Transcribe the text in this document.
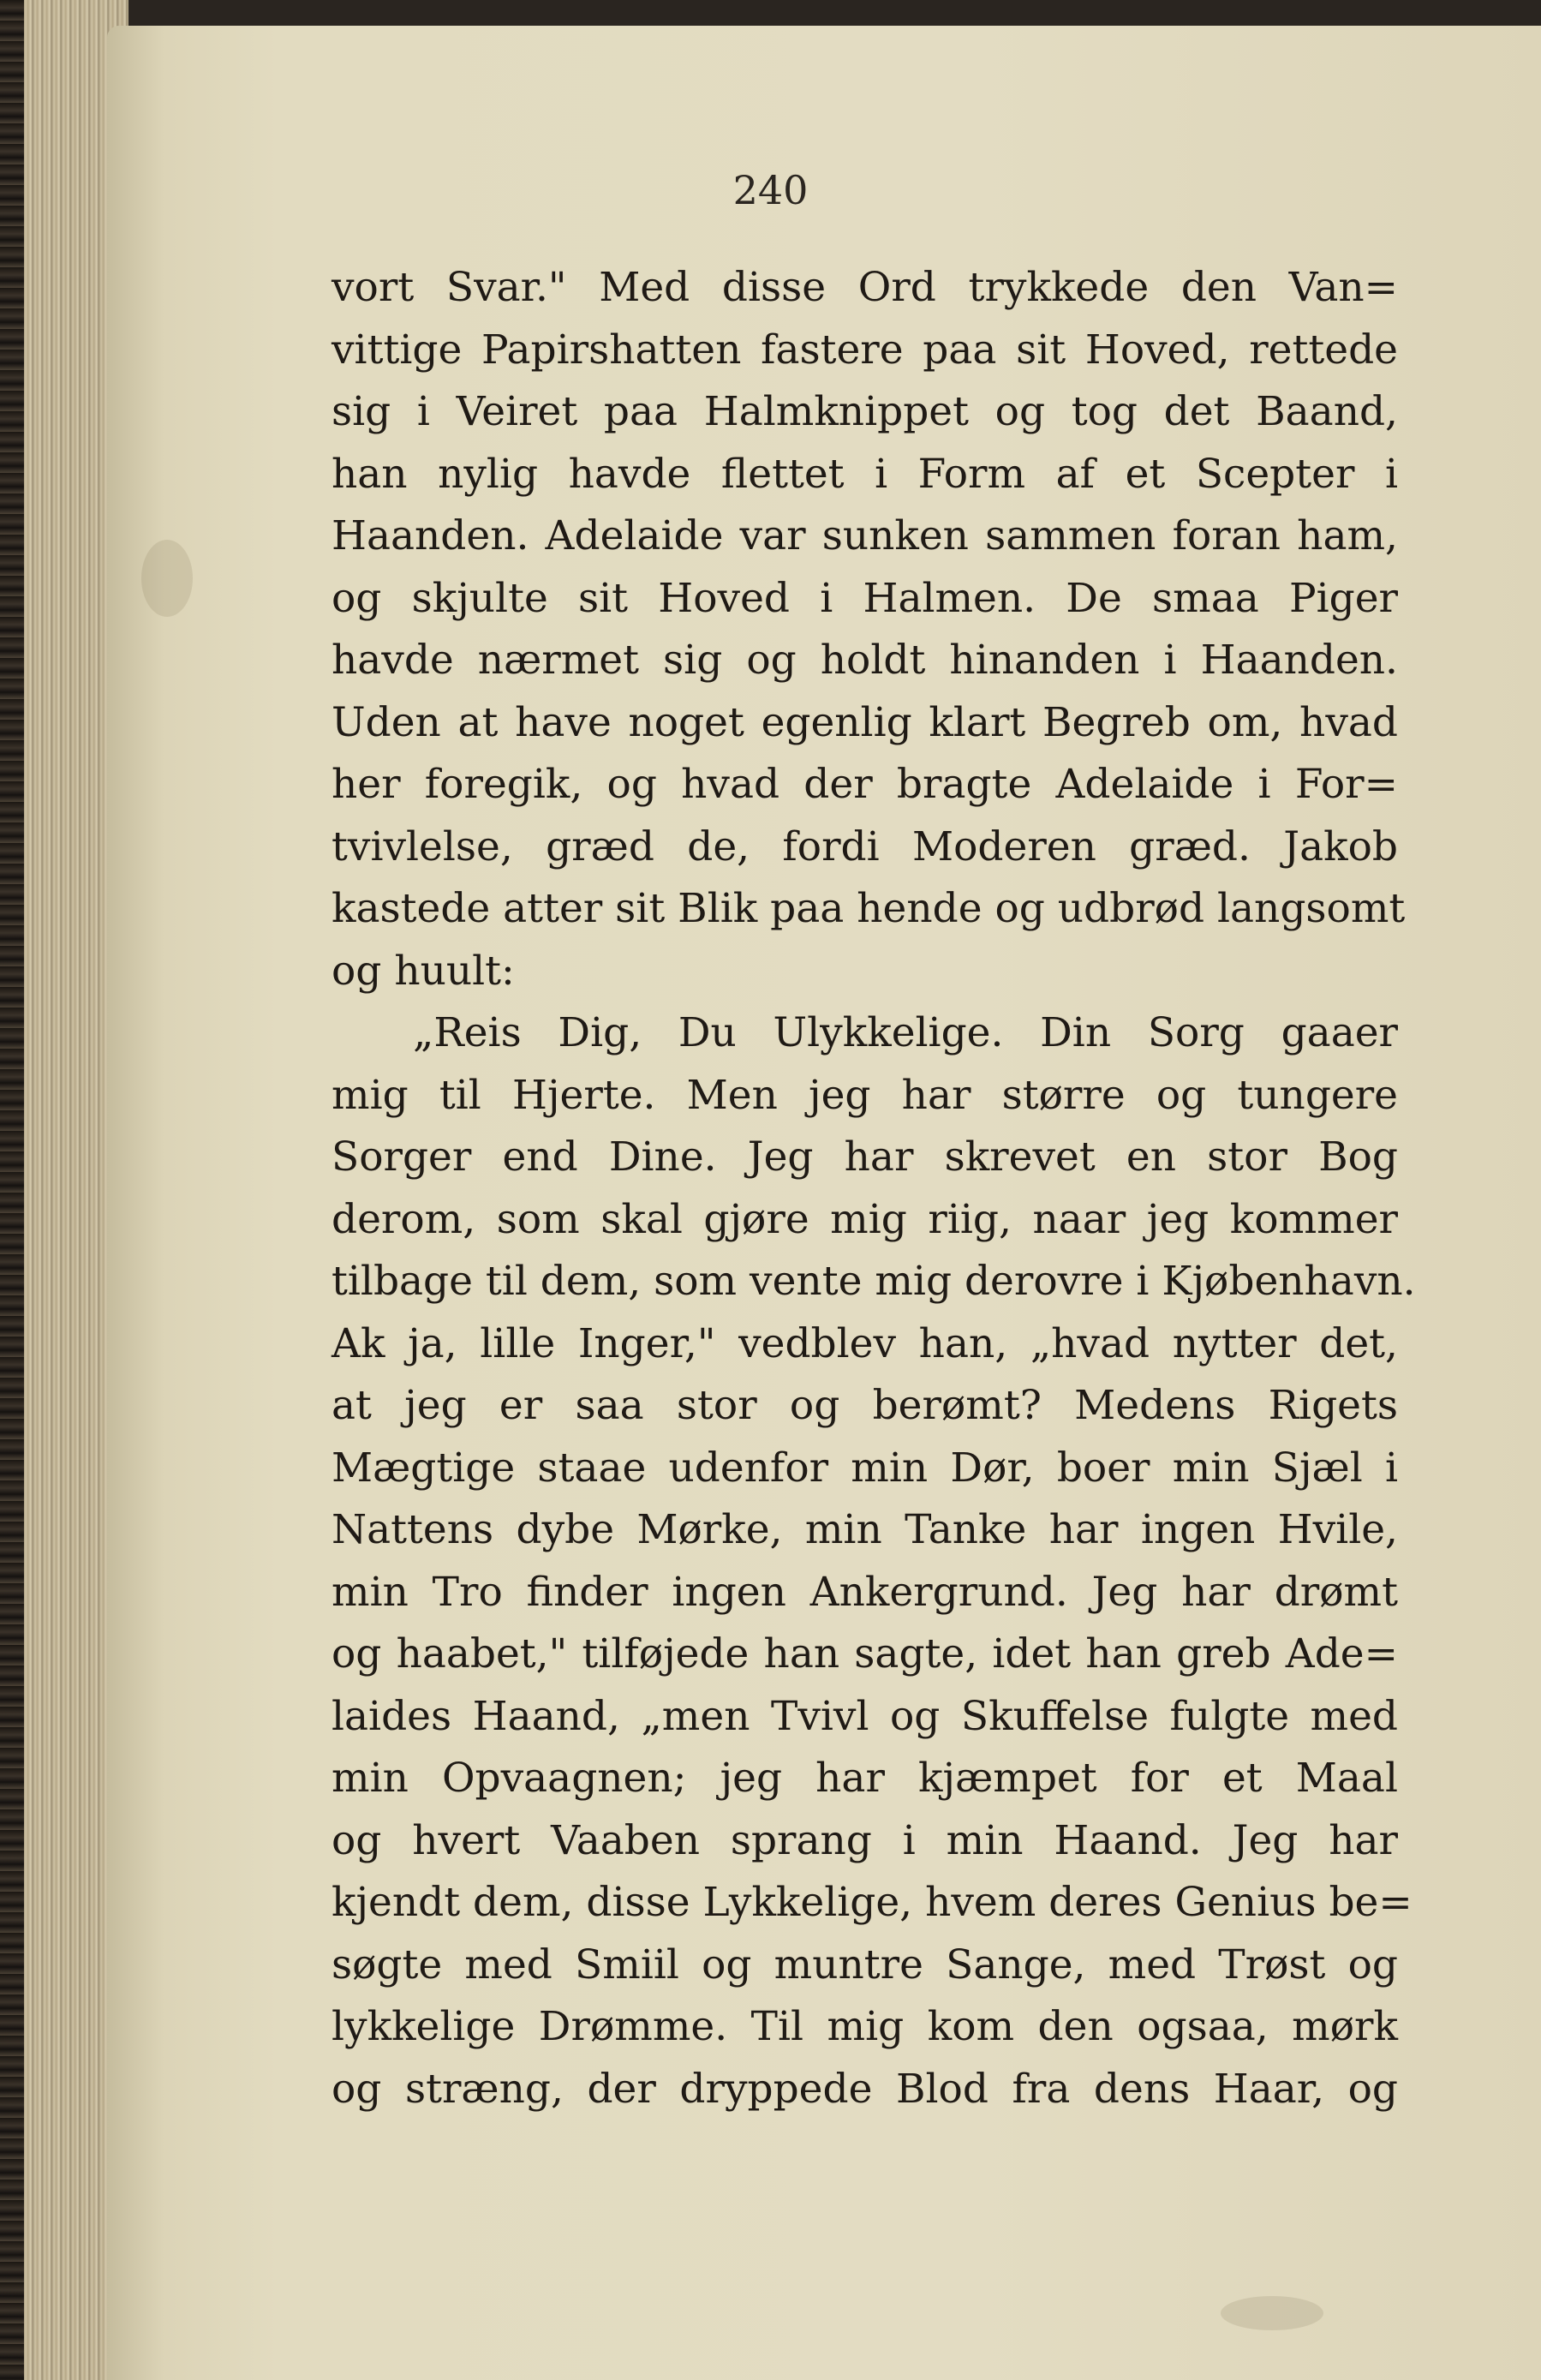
240
vort Svar." Med disse Ord trykkede den Van=
vittige Papirshatten fastere paa sit Hoved, rettede
sig i Veiret paa Halmknippet og tog det Baand,
han nylig havde flettet i Form af et Scepter i
Haanden. Adelaide var sunken sammen foran ham,
og skjulte sit Hoved i Halmen. De smaa Piger
havde nærmet sig og holdt hinanden i Haanden.
Uden at have noget egenlig klart Begreb om, hvad
her foregik, og hvad der bragte Adelaide i For=
tvivlelse, græd de, fordi Moderen græd. Jakob
kastede atter sit Blik paa hende og udbrød langsomt
og huult:
„Reis Dig, Du Ulykkelige. Din Sorg gaaer
mig til Hjerte. Men jeg har større og tungere
Sorger end Dine. Jeg har skrevet en stor Bog
derom, som skal gjøre mig riig, naar jeg kommer
tilbage til dem, som vente mig derovre i Kjøbenhavn.
Ak ja, lille Inger," vedblev han, „hvad nytter det,
at jeg er saa stor og berømt? Medens Rigets
Mægtige staae udenfor min Dør, boer min Sjæl i
Nattens dybe Mørke, min Tanke har ingen Hvile,
min Tro finder ingen Ankergrund. Jeg har drømt
og haabet," tilføjede han sagte, idet han greb Ade=
laides Haand, „men Tvivl og Skuffelse fulgte med
min Opvaagnen; jeg har kjæmpet for et Maal
og hvert Vaaben sprang i min Haand. Jeg har
kjendt dem, disse Lykkelige, hvem deres Genius be=
søgte med Smiil og muntre Sange, med Trøst og
lykkelige Drømme. Til mig kom den ogsaa, mørk
og stræng, der dryppede Blod fra dens Haar, og
